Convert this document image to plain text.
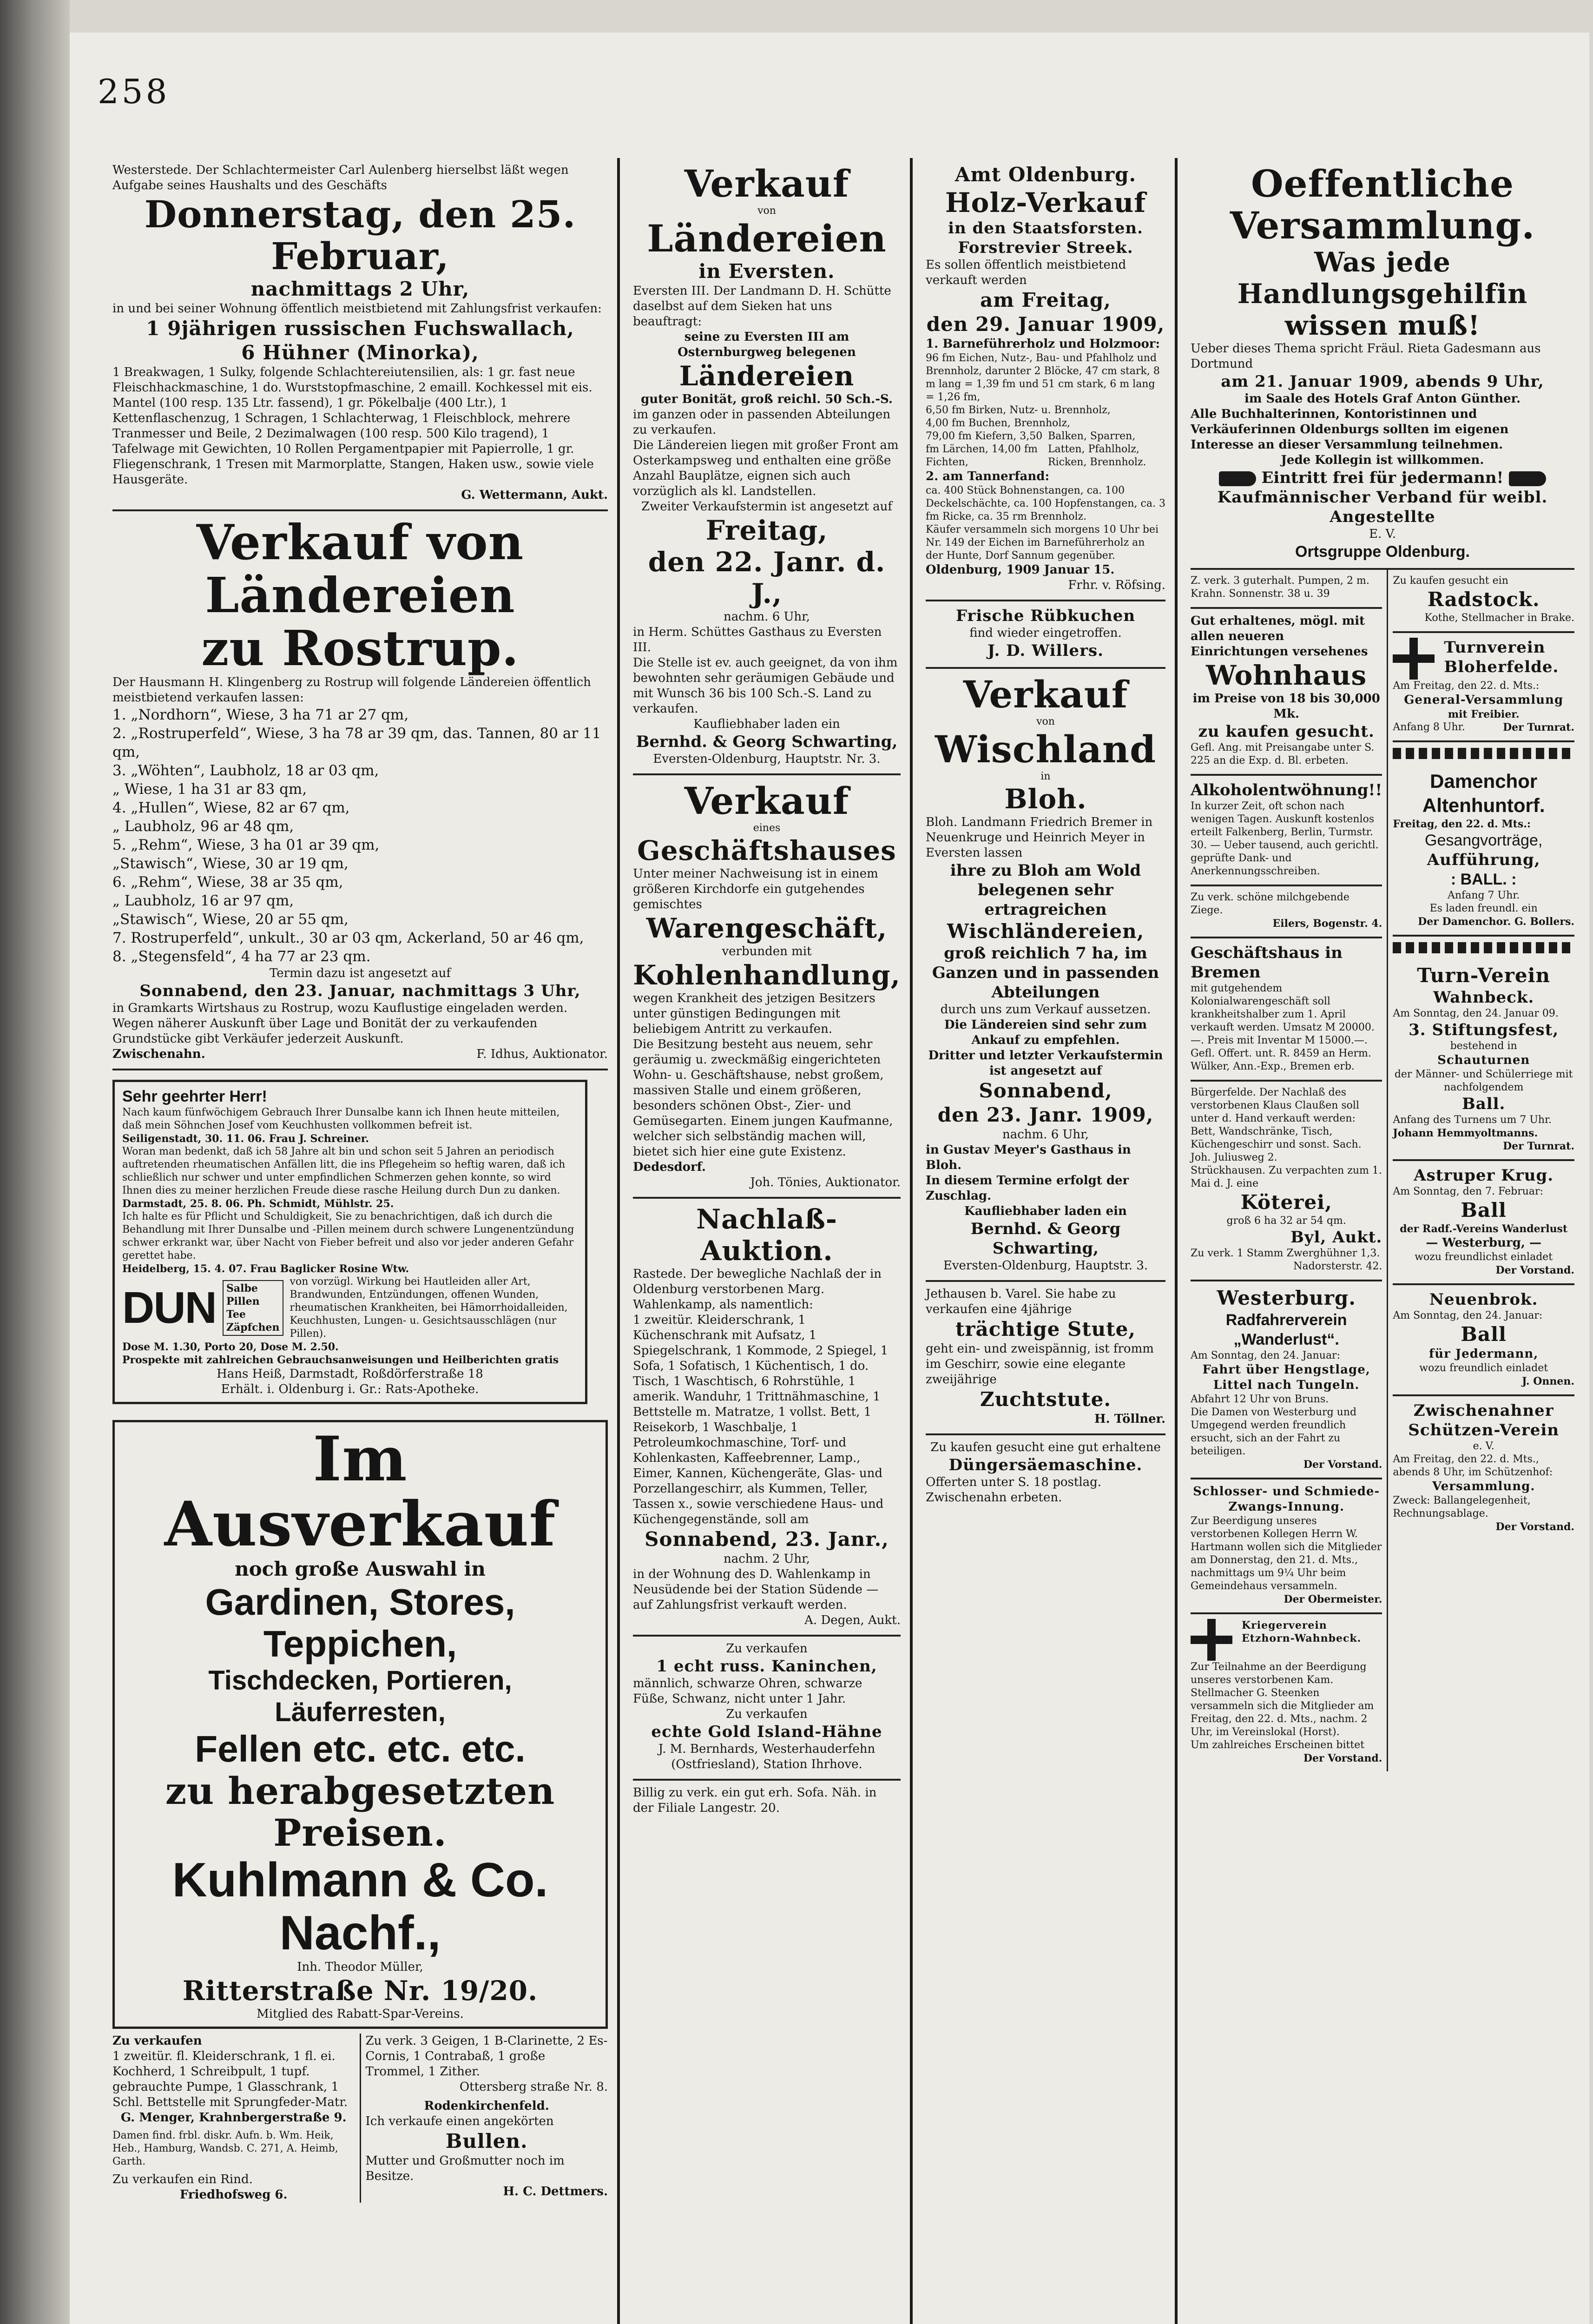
258
Westerstede. Der Schlachtermeister Carl Aulenberg hierselbst läßt wegen Aufgabe seines Haushalts und des Geschäfts
Donnerstag, den 25. Februar,
nachmittags 2 Uhr,
in und bei seiner Wohnung öffentlich meistbietend mit Zahlungsfrist verkaufen:
1 9jährigen russischen Fuchswallach,
6 Hühner (Minorka),
1 Breakwagen, 1 Sulky, folgende Schlachtereiutensilien, als: 1 gr. fast neue Fleischhackmaschine, 1 do. Wurststopfmaschine, 2 emaill. Kochkessel mit eis. Mantel (100 resp. 135 Ltr. fassend), 1 gr. Pökelbalje (400 Ltr.), 1 Kettenflaschenzug, 1 Schragen, 1 Schlachterwag, 1 Fleischblock, mehrere Tranmesser und Beile, 2 Dezimalwagen (100 resp. 500 Kilo tragend), 1 Tafelwage mit Gewichten, 10 Rollen Pergamentpapier mit Papierrolle, 1 gr. Fliegenschrank, 1 Tresen mit Marmorplatte, Stangen, Haken usw., sowie viele Hausgeräte.
G. Wettermann, Aukt.
Verkauf von Ländereien
zu Rostrup.
Der Hausmann H. Klingenberg zu Rostrup will folgende Ländereien öffentlich meistbietend verkaufen lassen:
1. „Nordhorn“, Wiese, 3 ha 71 ar 27 qm,
2. „Rostruperfeld“, Wiese, 3 ha 78 ar 39 qm, das. Tannen, 80 ar 11 qm,
3. „Wöhten“, Laubholz, 18 ar 03 qm,
„ Wiese, 1 ha 31 ar 83 qm,
4. „Hullen“, Wiese, 82 ar 67 qm,
„ Laubholz, 96 ar 48 qm,
5. „Rehm“, Wiese, 3 ha 01 ar 39 qm,
„Stawisch“, Wiese, 30 ar 19 qm,
6. „Rehm“, Wiese, 38 ar 35 qm,
„ Laubholz, 16 ar 97 qm,
„Stawisch“, Wiese, 20 ar 55 qm,
7. Rostruperfeld“, unkult., 30 ar 03 qm, Ackerland, 50 ar 46 qm,
8. „Stegensfeld“, 4 ha 77 ar 23 qm.
Termin dazu ist angesetzt auf
Sonnabend, den 23. Januar, nachmittags 3 Uhr,
in Gramkarts Wirtshaus zu Rostrup, wozu Kauflustige eingeladen werden.
Wegen näherer Auskunft über Lage und Bonität der zu verkaufenden Grundstücke gibt Verkäufer jederzeit Auskunft.
Zwischenahn.	F. Idhus, Auktionator.
Sehr geehrter Herr!
Nach kaum fünfwöchigem Gebrauch Ihrer Dunsalbe kann ich Ihnen heute mitteilen, daß mein Söhnchen Josef vom Keuchhusten vollkommen befreit ist.
Seiligenstadt, 30. 11. 06. Frau J. Schreiner.
Woran man bedenkt, daß ich 58 Jahre alt bin und schon seit 5 Jahren an periodisch auftretenden rheumatischen Anfällen litt, die ins Pflegeheim so heftig waren, daß ich schließlich nur schwer und unter empfindlichen Schmerzen gehen konnte, so wird Ihnen dies zu meiner herzlichen Freude diese rasche Heilung durch Dun zu danken.
Darmstadt, 25. 8. 06. Ph. Schmidt, Mühlstr. 25.
Ich halte es für Pflicht und Schuldigkeit, Sie zu benachrichtigen, daß ich durch die Behandlung mit Ihrer Dunsalbe und -Pillen meinem durch schwere Lungenentzündung schwer erkrankt war, über Nacht von Fieber befreit und also vor jeder anderen Gefahr gerettet habe.
Heidelberg, 15. 4. 07. Frau Baglicker Rosine Wtw.
DUN Salbe
Pillen
Tee
Zäpfchen
von vorzügl. Wirkung bei Hautleiden aller Art, Brandwunden, Entzündungen, offenen Wunden, rheumatischen Krankheiten, bei Hämorrhoidalleiden, Keuchhusten, Lungen- u. Gesichtsausschlägen (nur Pillen).
Dose M. 1.30, Porto 20, Dose M. 2.50.
Prospekte mit zahlreichen Gebrauchsanweisungen und Heilberichten gratis
Hans Heiß, Darmstadt, Roßdörferstraße 18
Erhält. i. Oldenburg i. Gr.: Rats-Apotheke.
Im Ausverkauf
noch große Auswahl in
Gardinen, Stores, Teppichen,
Tischdecken, Portieren, Läuferresten,
Fellen etc. etc. etc.
zu herabgesetzten Preisen.
Kuhlmann & Co. Nachf.,
Inh. Theodor Müller,
Ritterstraße Nr. 19/20.
Mitglied des Rabatt-Spar-Vereins.
Zu verkaufen
1 zweitür. fl. Kleiderschrank, 1 fl. ei. Kochherd, 1 Schreibpult, 1 tupf. gebrauchte Pumpe, 1 Glasschrank, 1 Schl. Bettstelle mit Sprungfeder-Matr.
G. Menger, Krahnbergerstraße 9.
Damen find. frbl. diskr. Aufn. b. Wm. Heik, Heb., Hamburg, Wandsb. C. 271, A. Heimb, Garth.
Zu verkaufen ein Rind.
Friedhofsweg 6.
Zu verk. 3 Geigen, 1 B-Clarinette, 2 Es-Cornis, 1 Contrabaß, 1 große Trommel, 1 Zither.
Ottersberg straße Nr. 8.
Rodenkirchenfeld.
Ich verkaufe einen angekörten
Bullen.
Mutter und Großmutter noch im Besitze.
H. C. Dettmers.
Verkauf
von
Ländereien
in Eversten.
Eversten III. Der Landmann D. H. Schütte daselbst auf dem Sieken hat uns beauftragt:
seine zu Eversten III am Osternburgweg belegenen
Ländereien
guter Bonität, groß reichl. 50 Sch.-S.
im ganzen oder in passenden Abteilungen zu verkaufen.
Die Ländereien liegen mit großer Front am Osterkampsweg und enthalten eine größe Anzahl Bauplätze, eignen sich auch vorzüglich als kl. Landstellen.
Zweiter Verkaufstermin ist angesetzt auf
Freitag,
den 22. Janr. d. J.,
nachm. 6 Uhr,
in Herm. Schüttes Gasthaus zu Eversten III.
Die Stelle ist ev. auch geeignet, da von ihm bewohnten sehr geräumigen Gebäude und mit Wunsch 36 bis 100 Sch.-S. Land zu verkaufen.
Kaufliebhaber laden ein
Bernhd. & Georg Schwarting,
Eversten-Oldenburg, Hauptstr. Nr. 3.
Verkauf
eines
Geschäftshauses
Unter meiner Nachweisung ist in einem größeren Kirchdorfe ein gutgehendes gemischtes
Warengeschäft,
verbunden mit
Kohlenhandlung,
wegen Krankheit des jetzigen Besitzers unter günstigen Bedingungen mit beliebigem Antritt zu verkaufen.
Die Besitzung besteht aus neuem, sehr geräumig u. zweckmäßig eingerichteten Wohn- u. Geschäftshause, nebst großem, massiven Stalle und einem größeren, besonders schönen Obst-, Zier- und Gemüsegarten. Einem jungen Kaufmanne, welcher sich selbständig machen will, bietet sich hier eine gute Existenz.
Dedesdorf.
Joh. Tönies, Auktionator.
Nachlaß-
Auktion.
Rastede. Der bewegliche Nachlaß der in Oldenburg verstorbenen Marg. Wahlenkamp, als namentlich:
1 zweitür. Kleiderschrank, 1 Küchenschrank mit Aufsatz, 1 Spiegelschrank, 1 Kommode, 2 Spiegel, 1 Sofa, 1 Sofatisch, 1 Küchentisch, 1 do. Tisch, 1 Waschtisch, 6 Rohrstühle, 1 amerik. Wanduhr, 1 Trittnähmaschine, 1 Bettstelle m. Matratze, 1 vollst. Bett, 1 Reisekorb, 1 Waschbalje, 1 Petroleumkochmaschine, Torf- und Kohlenkasten, Kaffeebrenner, Lamp., Eimer, Kannen, Küchengeräte, Glas- und Porzellangeschirr, als Kummen, Teller, Tassen x., sowie verschiedene Haus- und Küchengegenstände, soll am
Sonnabend, 23. Janr.,
nachm. 2 Uhr,
in der Wohnung des D. Wahlenkamp in Neusüdende bei der Station Südende — auf Zahlungsfrist verkauft werden.
A. Degen, Aukt.
Zu verkaufen
1 echt russ. Kaninchen,
männlich, schwarze Ohren, schwarze Füße, Schwanz, nicht unter 1 Jahr.
Zu verkaufen
echte Gold Island-Hähne
J. M. Bernhards, Westerhauderfehn (Ostfriesland), Station Ihrhove.
Billig zu verk. ein gut erh. Sofa. Näh. in der Filiale Langestr. 20.
Amt Oldenburg.
Holz-Verkauf
in den Staatsforsten.
Forstrevier Streek.
Es sollen öffentlich meistbietend verkauft werden
am Freitag,
den 29. Januar 1909,
1. Barneführerholz und Holzmoor:
96 fm Eichen, Nutz-, Bau- und Pfahlholz und Brennholz, darunter 2 Blöcke, 47 cm stark, 8 m lang = 1,39 fm und 51 cm stark, 6 m lang = 1,26 fm,
6,50 fm Birken, Nutz- u. Brennholz,
4,00 fm Buchen, Brennholz,
79,00 fm Kiefern, 3,50 fm Lärchen, 14,00 fm Fichten,
Balken, Sparren, Latten, Pfahlholz, Ricken, Brennholz.
2. am Tannerfand:
ca. 400 Stück Bohnenstangen, ca. 100 Deckelschächte, ca. 100 Hopfenstangen, ca. 3 fm Ricke, ca. 35 rm Brennholz.
Käufer versammeln sich morgens 10 Uhr bei Nr. 149 der Eichen im Barneführerholz an der Hunte, Dorf Sannum gegenüber.
Oldenburg, 1909 Januar 15.
Frhr. v. Röfsing.
Frische Rübkuchen
find wieder eingetroffen.
J. D. Willers.
Verkauf
von
Wischland
in
Bloh.
Bloh. Landmann Friedrich Bremer in Neuenkruge und Heinrich Meyer in Eversten lassen
ihre zu Bloh am Wold belegenen sehr ertragreichen
Wischländereien,
groß reichlich 7 ha, im Ganzen und in passenden Abteilungen
durch uns zum Verkauf aussetzen.
Die Ländereien sind sehr zum Ankauf zu empfehlen.
Dritter und letzter Verkaufstermin ist angesetzt auf
Sonnabend,
den 23. Janr. 1909,
nachm. 6 Uhr,
in Gustav Meyer's Gasthaus in Bloh.
In diesem Termine erfolgt der Zuschlag.
Kaufliebhaber laden ein
Bernhd. & Georg Schwarting,
Eversten-Oldenburg, Hauptstr. 3.
Jethausen b. Varel. Sie habe zu verkaufen eine 4jährige
trächtige Stute,
geht ein- und zweispännig, ist fromm im Geschirr, sowie eine elegante zweijährige
Zuchtstute.
H. Töllner.
Zu kaufen gesucht eine gut erhaltene
Düngersäemaschine.
Offerten unter S. 18 postlag. Zwischenahn erbeten.
Oeffentliche Versammlung.
Was jede Handlungsgehilfin wissen muß!
Ueber dieses Thema spricht Fräul. Rieta Gadesmann aus Dortmund
am 21. Januar 1909, abends 9 Uhr,
im Saale des Hotels Graf Anton Günther.
Alle Buchhalterinnen, Kontoristinnen und Verkäuferinnen Oldenburgs sollten im eigenen Interesse an dieser Versammlung teilnehmen.
Jede Kollegin ist willkommen.
Eintritt frei für jedermann!
Kaufmännischer Verband für weibl. Angestellte
E. V.
Ortsgruppe Oldenburg.
Z. verk. 3 guterhalt. Pumpen, 2 m. Krahn. Sonnenstr. 38 u. 39
Gut erhaltenes, mögl. mit allen neueren Einrichtungen versehenes
Wohnhaus
im Preise von 18 bis 30,000 Mk.
zu kaufen gesucht.
Gefl. Ang. mit Preisangabe unter S. 225 an die Exp. d. Bl. erbeten.
Alkoholentwöhnung!!
In kurzer Zeit, oft schon nach wenigen Tagen. Auskunft kostenlos erteilt Falkenberg, Berlin, Turmstr. 30. — Ueber tausend, auch gerichtl. geprüfte Dank- und Anerkennungsschreiben.
Zu verk. schöne milchgebende Ziege.
Eilers, Bogenstr. 4.
Geschäftshaus in Bremen
mit gutgehendem Kolonialwarengeschäft soll krankheitshalber zum 1. April verkauft werden. Umsatz M 20000.—. Preis mit Inventar M 15000.—. Gefl. Offert. unt. R. 8459 an Herm. Wülker, Ann.-Exp., Bremen erb.
Bürgerfelde. Der Nachlaß des verstorbenen Klaus Claußen soll unter d. Hand verkauft werden: Bett, Wandschränke, Tisch, Küchengeschirr und sonst. Sach. Joh. Juliusweg 2.
Strückhausen. Zu verpachten zum 1. Mai d. J. eine
Köterei,
groß 6 ha 32 ar 54 qm.
Byl, Aukt.
Zu verk. 1 Stamm Zwerghühner 1,3.
Nadorsterstr. 42.
Westerburg.
Radfahrerverein „Wanderlust“.
Am Sonntag, den 24. Januar:
Fahrt über Hengstlage, Littel nach Tungeln.
Abfahrt 12 Uhr von Bruns.
Die Damen von Westerburg und Umgegend werden freundlich ersucht, sich an der Fahrt zu beteiligen.
Der Vorstand.
Schlosser- und Schmiede-Zwangs-Innung.
Zur Beerdigung unseres verstorbenen Kollegen Herrn W. Hartmann wollen sich die Mitglieder am Donnerstag, den 21. d. Mts., nachmittags um 9¼ Uhr beim Gemeindehaus versammeln.
Der Obermeister.
Kriegerverein Etzhorn-Wahnbeck.
Zur Teilnahme an der Beerdigung unseres verstorbenen Kam. Stellmacher G. Steenken versammeln sich die Mitglieder am Freitag, den 22. d. Mts., nachm. 2 Uhr, im Vereinslokal (Horst).
Um zahlreiches Erscheinen bittet
Der Vorstand.
Zu kaufen gesucht ein
Radstock.
Kothe, Stellmacher in Brake.
Turnverein Bloherfelde.
Am Freitag, den 22. d. Mts.:
General-Versammlung
mit Freibier.
Anfang 8 Uhr.	Der Turnrat.
Damenchor Altenhuntorf.
Freitag, den 22. d. Mts.:
Gesangvorträge,
Aufführung,
: BALL. :
Anfang 7 Uhr.
Es laden freundl. ein
Der Damenchor. G. Bollers.
Turn-Verein
Wahnbeck.
Am Sonntag, den 24. Januar 09.
3. Stiftungsfest,
bestehend in
Schauturnen
der Männer- und Schülerriege mit nachfolgendem
Ball.
Anfang des Turnens um 7 Uhr.
Johann Hemmyoltmanns.
Der Turnrat.
Astruper Krug.
Am Sonntag, den 7. Februar:
Ball
der Radf.-Vereins Wanderlust
— Westerburg, —
wozu freundlichst einladet
Der Vorstand.
Neuenbrok.
Am Sonntag, den 24. Januar:
Ball
für Jedermann,
wozu freundlich einladet
J. Onnen.
Zwischenahner Schützen-Verein
e. V.
Am Freitag, den 22. d. Mts., abends 8 Uhr, im Schützenhof:
Versammlung.
Zweck: Ballangelegenheit, Rechnungsablage.
Der Vorstand.
